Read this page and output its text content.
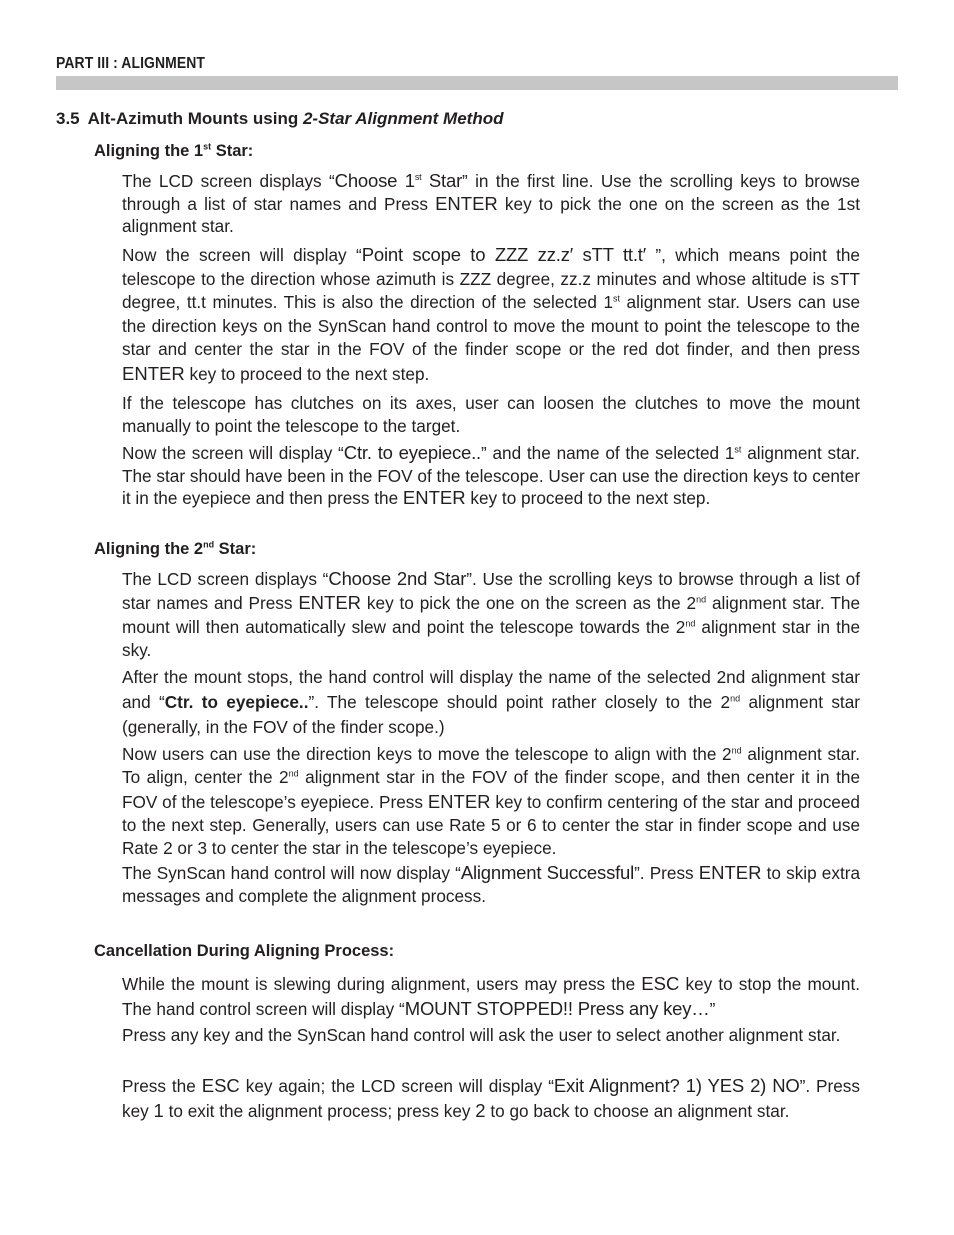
PART III : ALIGNMENT
3.5 Alt-Azimuth Mounts using 2-Star Alignment Method
Aligning the 1st Star:

The LCD screen displays “Choose 1st Star” in the first line. Use the scrolling keys to browse through a list of star names and Press ENTER key to pick the one on the screen as the 1st alignment star.

Now the screen will display “Point scope to ZZZ zz.z′ sTT tt.t′ ”, which means point the telescope to the direction whose azimuth is ZZZ degree, zz.z minutes and whose altitude is sTT degree, tt.t minutes. This is also the direction of the selected 1st alignment star. Users can use the direction keys on the SynScan hand control to move the mount to point the telescope to the star and center the star in the FOV of the finder scope or the red dot finder, and then press ENTER key to proceed to the next step.

If the telescope has clutches on its axes, user can loosen the clutches to move the mount manually to point the telescope to the target.

Now the screen will display “Ctr. to eyepiece..” and the name of the selected 1st alignment star. The star should have been in the FOV of the telescope. User can use the direction keys to center it in the eyepiece and then press the ENTER key to proceed to the next step.

Aligning the 2nd Star:

The LCD screen displays “Choose 2nd Star”. Use the scrolling keys to browse through a list of star names and Press ENTER key to pick the one on the screen as the 2nd alignment star. The mount will then automatically slew and point the telescope towards the 2nd alignment star in the sky.

After the mount stops, the hand control will display the name of the selected 2nd alignment star and “Ctr. to eyepiece..”. The telescope should point rather closely to the 2nd alignment star (generally, in the FOV of the finder scope.)

Now users can use the direction keys to move the telescope to align with the 2nd alignment star. To align, center the 2nd alignment star in the FOV of the finder scope, and then center it in the FOV of the telescope’s eyepiece. Press ENTER key to confirm centering of the star and proceed to the next step. Generally, users can use Rate 5 or 6 to center the star in finder scope and use Rate 2 or 3 to center the star in the telescope’s eyepiece.

The SynScan hand control will now display “Alignment Successful”. Press ENTER to skip extra messages and complete the alignment process.

Cancellation During Aligning Process:

While the mount is slewing during alignment, users may press the ESC key to stop the mount. The hand control screen will display “MOUNT STOPPED!! Press any key…”

Press any key and the SynScan hand control will ask the user to select another alignment star.

Press the ESC key again; the LCD screen will display “Exit Alignment? 1) YES 2) NO”. Press key 1 to exit the alignment process; press key 2 to go back to choose an alignment star.
